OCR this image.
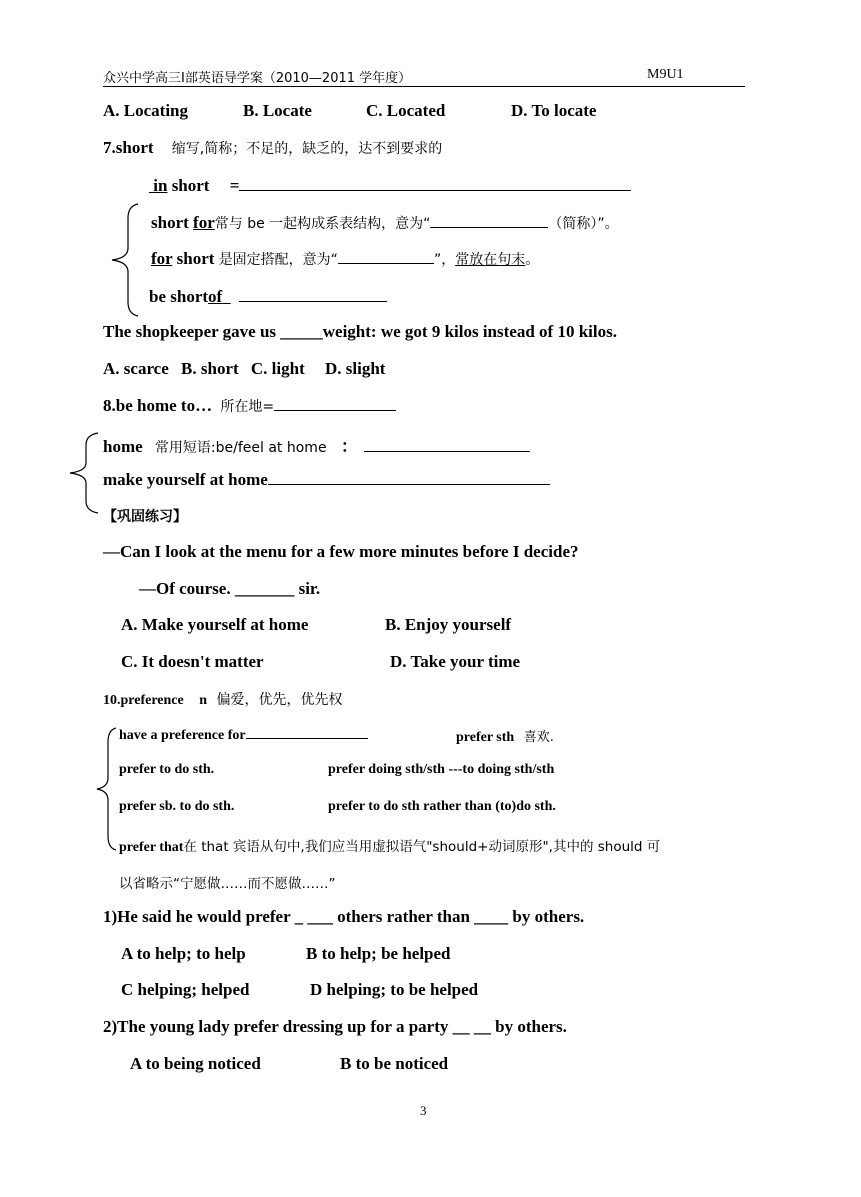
众兴中学高三Ⅰ部英语导学案（2010—2011 学年度）	M9U1
A. Locating	B. Locate	C. Located	D. To locate
7.short 缩写,简称；不足的，缺乏的，达不到要求的
in short =
short for常与 be 一起构成系表结构，意为“	（简称）”。
for short 是固定搭配，意为“	”，常放在句末。
be shortof
The shopkeeper gave us _____weight: we got 9 kilos instead of 10 kilos.
A. scarce B. short C. light D. slight
8.be home to… 所在地=
home 常用短语:be/feel at home ：
make yourself at home
【巩固练习】
—Can I look at the menu for a few more minutes before I decide?
—Of course. _______ sir.
A. Make yourself at home	B. Enjoy yourself
C. It doesn't matter	D. Take your time
10.preference n 偏爱，优先，优先权
have a preference for	prefer sth 喜欢.
prefer to do sth.	prefer doing sth/sth ---to doing sth/sth
prefer sb. to do sth.	prefer to do sth rather than (to)do sth.
prefer that在 that 宾语从句中,我们应当用虚拟语气"should+动词原形",其中的 should 可
以省略示“宁愿做……而不愿做……”
1)He said he would prefer _ ___ others rather than ____ by others.
A to help; to help	B to help; be helped
C helping; helped	D helping; to be helped
2)The young lady prefer dressing up for a party __ __ by others.
A to being noticed	B to be noticed
3
